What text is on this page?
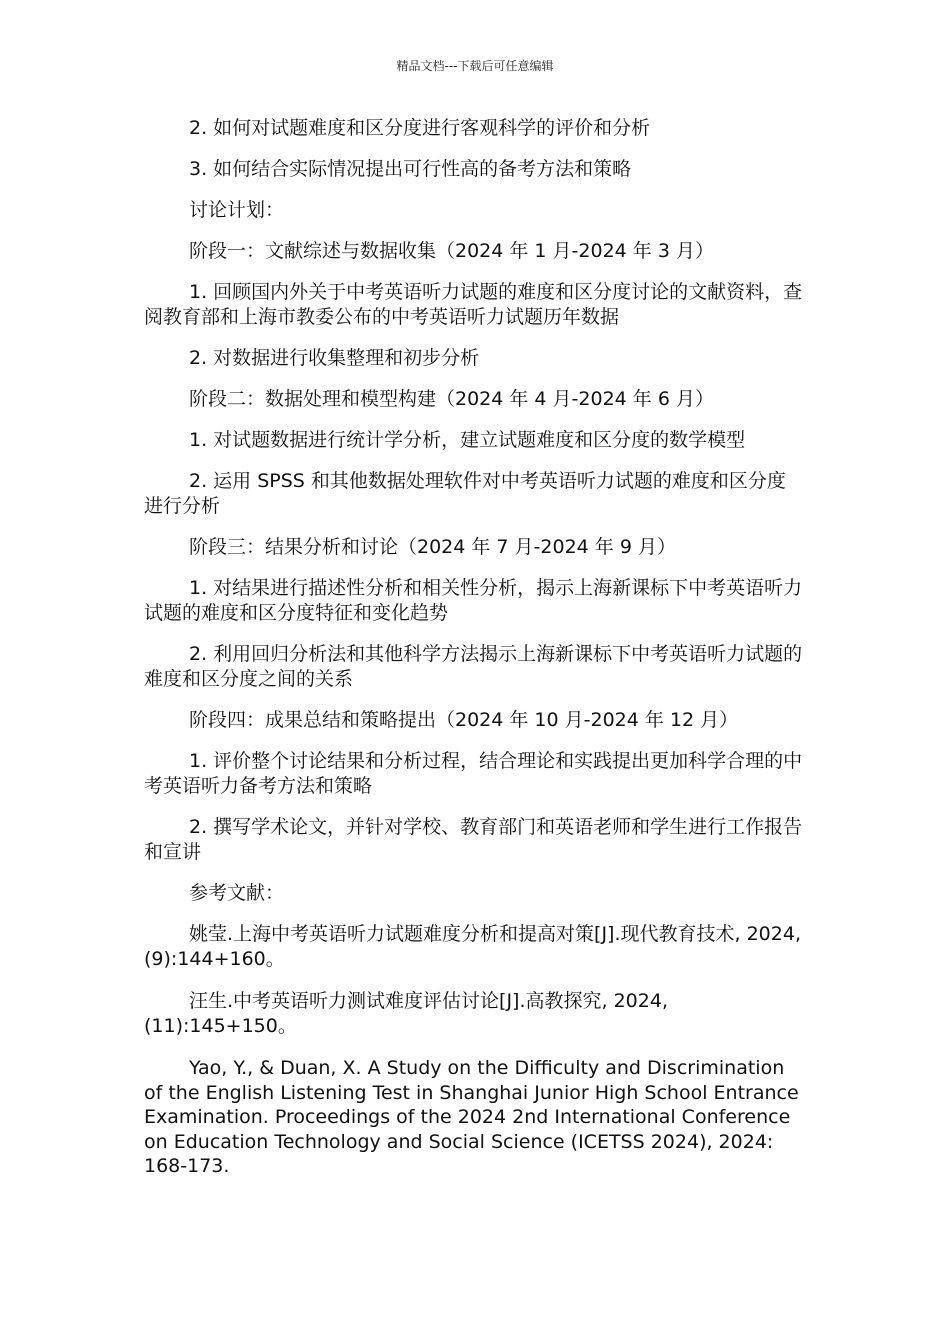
精品文档---下载后可任意编辑

2. 如何对试题难度和区分度进行客观科学的评价和分析

3. 如何结合实际情况提出可行性高的备考方法和策略

讨论计划：

阶段一：文献综述与数据收集（2024 年 1 月-2024 年 3 月）

1. 回顾国内外关于中考英语听力试题的难度和区分度讨论的文献资料，查阅教育部和上海市教委公布的中考英语听力试题历年数据

2. 对数据进行收集整理和初步分析

阶段二：数据处理和模型构建（2024 年 4 月-2024 年 6 月）

1. 对试题数据进行统计学分析，建立试题难度和区分度的数学模型

2. 运用 SPSS 和其他数据处理软件对中考英语听力试题的难度和区分度进行分析

阶段三：结果分析和讨论（2024 年 7 月-2024 年 9 月）

1. 对结果进行描述性分析和相关性分析，揭示上海新课标下中考英语听力试题的难度和区分度特征和变化趋势

2. 利用回归分析法和其他科学方法揭示上海新课标下中考英语听力试题的难度和区分度之间的关系

阶段四：成果总结和策略提出（2024 年 10 月-2024 年 12 月）

1. 评价整个讨论结果和分析过程，结合理论和实践提出更加科学合理的中考英语听力备考方法和策略

2. 撰写学术论文，并针对学校、教育部门和英语老师和学生进行工作报告和宣讲

参考文献：

姚莹.上海中考英语听力试题难度分析和提高对策[J].现代教育技术, 2024,(9):144+160。

汪生.中考英语听力测试难度评估讨论[J].高教探究, 2024,(11):145+150。

Yao, Y., & Duan, X. A Study on the Difficulty and Discrimination of the English Listening Test in Shanghai Junior High School Entrance Examination. Proceedings of the 2024 2nd International Conference on Education Technology and Social Science (ICETSS 2024), 2024: 168-173.
